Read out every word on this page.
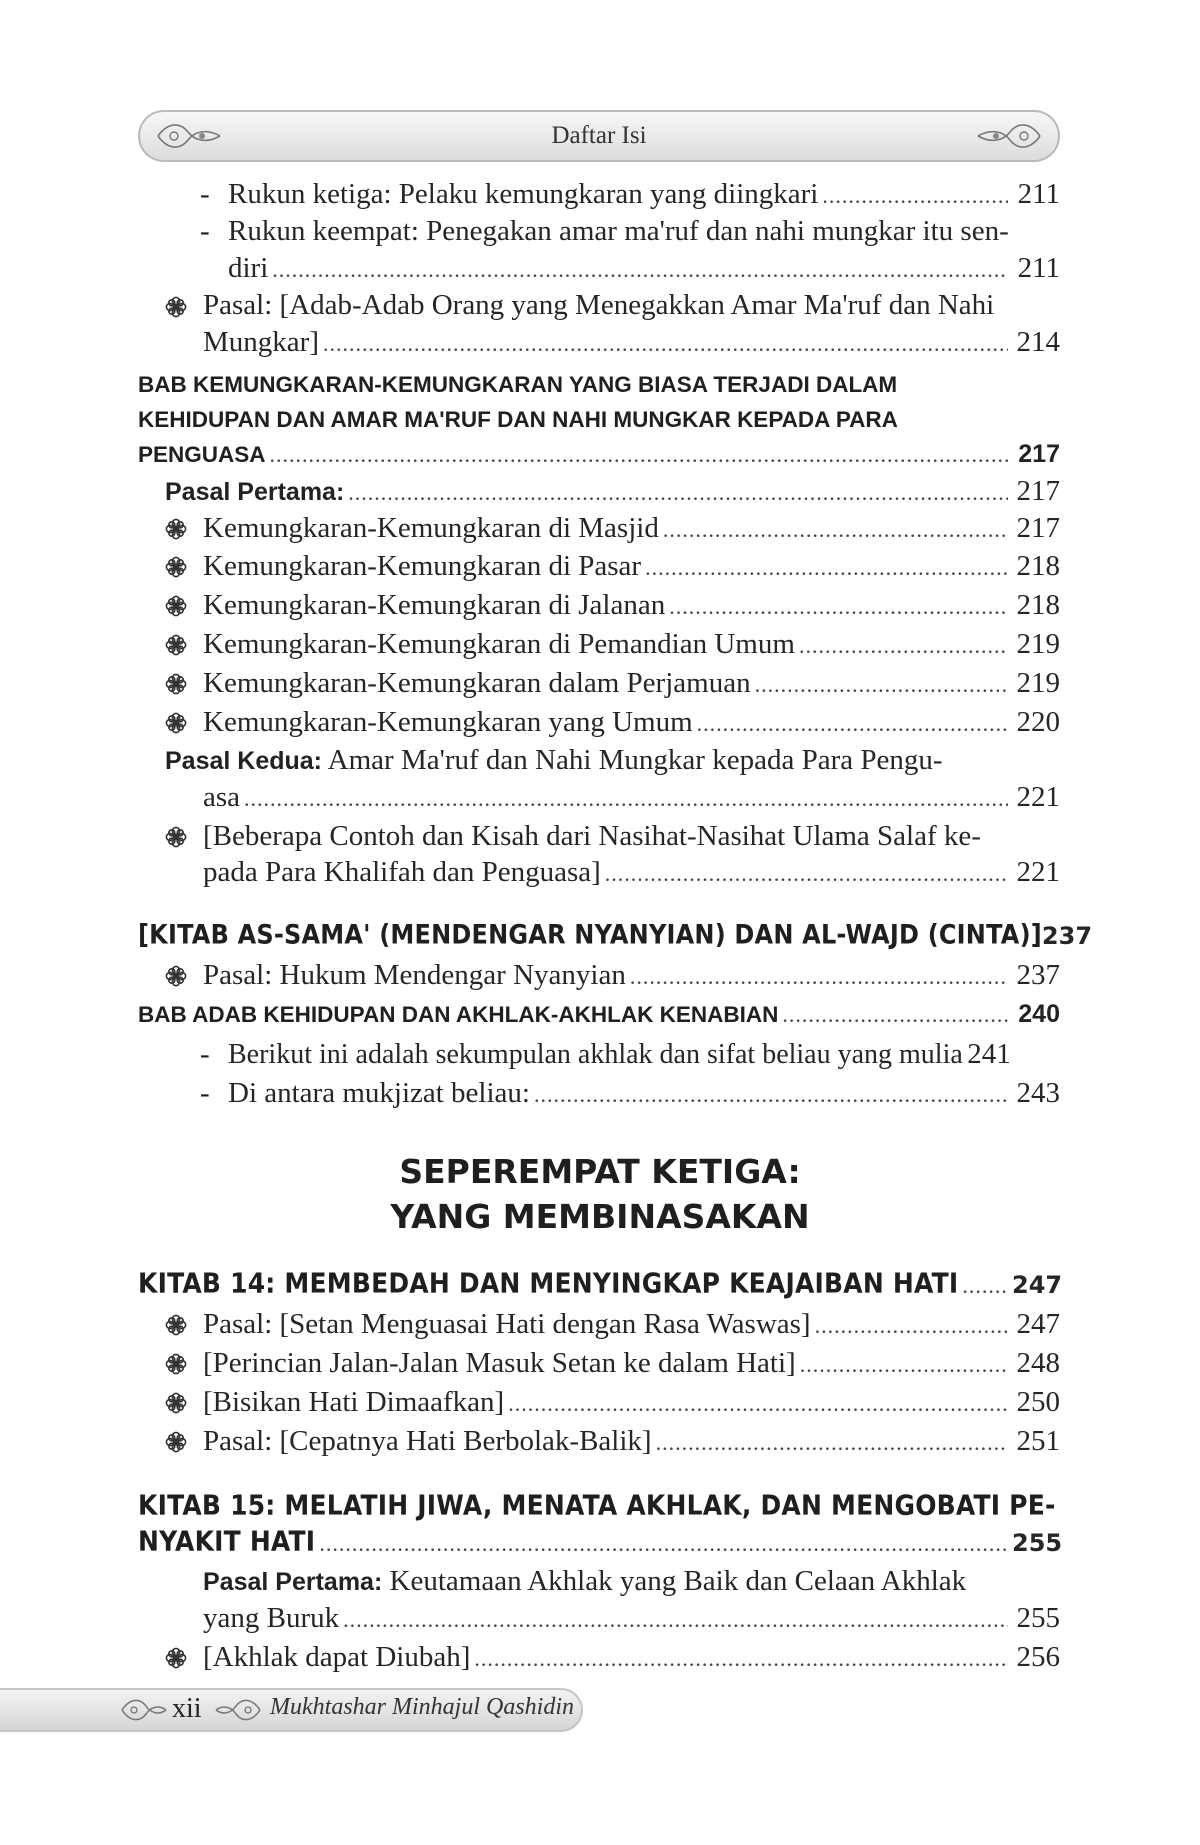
Daftar Isi
- Rukun ketiga: Pelaku kemungkaran yang diingkari .....	211
- Rukun keempat: Penegakan amar ma'ruf dan nahi mungkar itu sen-
diri .....	211
Pasal: [Adab-Adab Orang yang Menegakkan Amar Ma'ruf dan Nahi
Mungkar] .....	214
BAB KEMUNGKARAN-KEMUNGKARAN YANG BIASA TERJADI DALAM
KEHIDUPAN DAN AMAR MA'RUF DAN NAHI MUNGKAR KEPADA PARA
PENGUASA .....	217
Pasal Pertama: .....	217
Kemungkaran-Kemungkaran di Masjid .....	217
Kemungkaran-Kemungkaran di Pasar .....	218
Kemungkaran-Kemungkaran di Jalanan .....	218
Kemungkaran-Kemungkaran di Pemandian Umum .....	219
Kemungkaran-Kemungkaran dalam Perjamuan .....	219
Kemungkaran-Kemungkaran yang Umum .....	220
Pasal Kedua: Amar Ma'ruf dan Nahi Mungkar kepada Para Pengu-
asa .....	221
[Beberapa Contoh dan Kisah dari Nasihat-Nasihat Ulama Salaf ke-
pada Para Khalifah dan Penguasa] .....	221
[KITAB AS-SAMA' (MENDENGAR NYANYIAN) DAN AL-WAJD (CINTA)] 237
Pasal: Hukum Mendengar Nyanyian .....	237
BAB ADAB KEHIDUPAN DAN AKHLAK-AKHLAK KENABIAN .....	240
- Berikut ini adalah sekumpulan akhlak dan sifat beliau yang mulia 241
- Di antara mukjizat beliau: .....	243
SEPEREMPAT KETIGA:
YANG MEMBINASAKAN
KITAB 14: MEMBEDAH DAN MENYINGKAP KEAJAIBAN HATI ..... 247
Pasal: [Setan Menguasai Hati dengan Rasa Waswas] .....	247
[Perincian Jalan-Jalan Masuk Setan ke dalam Hati] .....	248
[Bisikan Hati Dimaafkan] .....	250
Pasal: [Cepatnya Hati Berbolak-Balik] .....	251
KITAB 15: MELATIH JIWA, MENATA AKHLAK, DAN MENGOBATI PE-
NYAKIT HATI .....	255
Pasal Pertama: Keutamaan Akhlak yang Baik dan Celaan Akhlak
yang Buruk .....	255
[Akhlak dapat Diubah] .....	256
xii	Mukhtashar Minhajul Qashidin
